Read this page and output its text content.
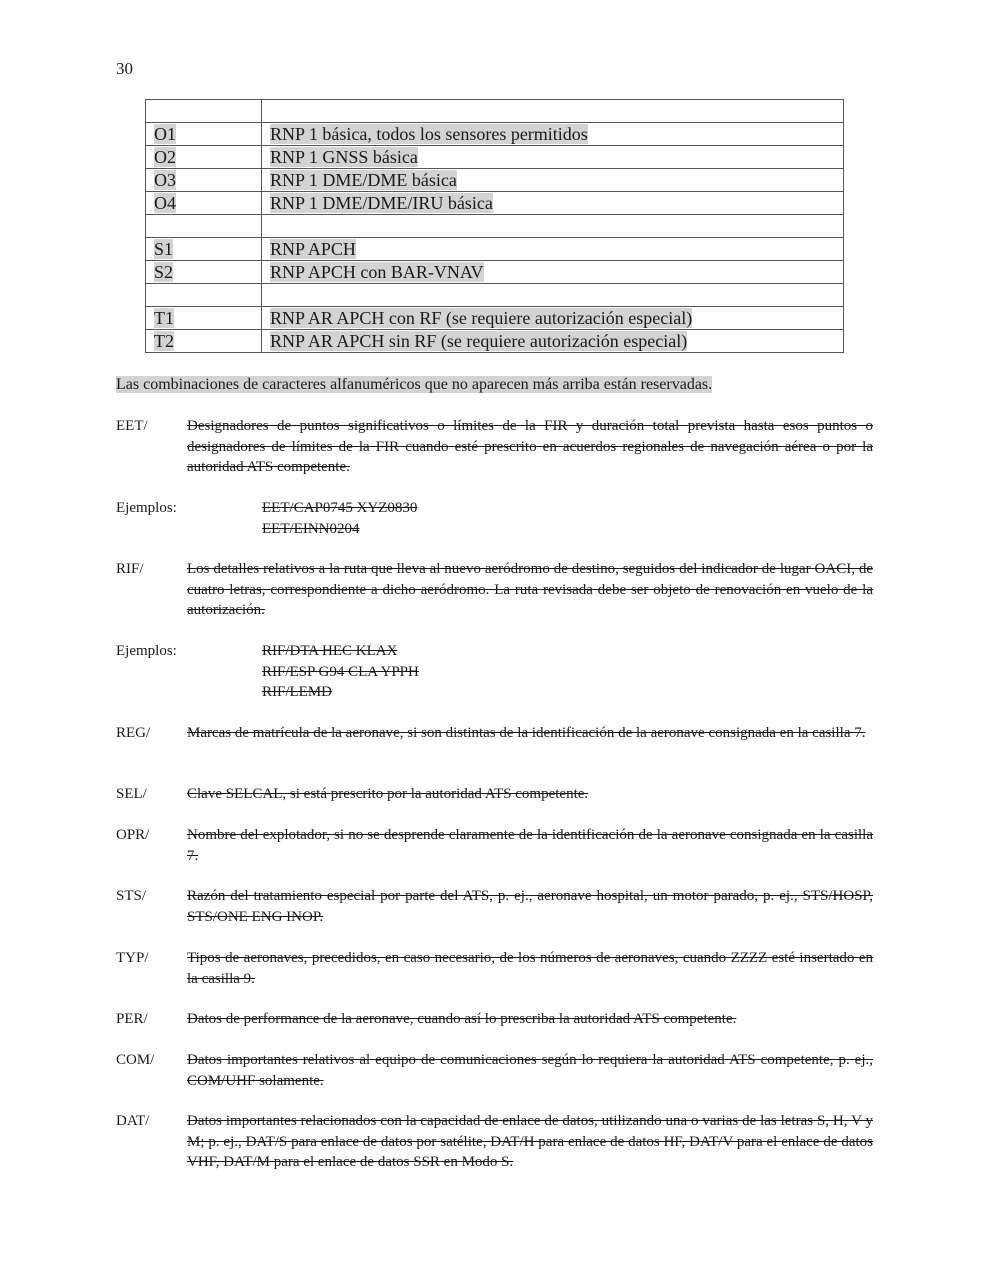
30

O1	RNP 1 básica, todos los sensores permitidos
O2	RNP 1 GNSS básica
O3	RNP 1 DME/DME básica
O4	RNP 1 DME/DME/IRU básica

S1	RNP APCH
S2	RNP APCH con BAR-VNAV

T1	RNP AR APCH con RF (se requiere autorización especial)
T2	RNP AR APCH sin RF (se requiere autorización especial)
Las combinaciones de caracteres alfanuméricos que no aparecen más arriba están reservadas.
EET/	Designadores de puntos significativos o límites de la FIR y duración total prevista hasta esos puntos o designadores de límites de la FIR cuando esté prescrito en acuerdos regionales de navegación aérea o por la autoridad ATS competente.
Ejemplos:	EET/CAP0745 XYZ0830
EET/EINN0204
RIF/	Los detalles relativos a la ruta que lleva al nuevo aeródromo de destino, seguidos del indicador de lugar OACI, de cuatro letras, correspondiente a dicho aeródromo. La ruta revisada debe ser objeto de renovación en vuelo de la autorización.
Ejemplos:	RIF/DTA HEC KLAX
RIF/ESP G94 CLA YPPH
RIF/LEMD
REG/ Marcas de matrícula de la aeronave, si son distintas de la identificación de la aeronave consignada en la casilla 7.
SEL/	Clave SELCAL, si está prescrito por la autoridad ATS competente.
OPR/	Nombre del explotador, si no se desprende claramente de la identificación de la aeronave consignada en la casilla 7.
STS/	Razón del tratamiento especial por parte del ATS, p. ej., aeronave hospital, un motor parado, p. ej., STS/HOSP, STS/ONE ENG INOP.
TYP/	Tipos de aeronaves, precedidos, en caso necesario, de los números de aeronaves, cuando ZZZZ esté insertado en la casilla 9.
PER/	Datos de performance de la aeronave, cuando así lo prescriba la autoridad ATS competente.
COM/ Datos importantes relativos al equipo de comunicaciones según lo requiera la autoridad ATS competente, p. ej., COM/UHF solamente.
DAT/	Datos importantes relacionados con la capacidad de enlace de datos, utilizando una o varias de las letras S, H, V y M; p. ej., DAT/S para enlace de datos por satélite, DAT/H para enlace de datos HF, DAT/V para el enlace de datos VHF, DAT/M para el enlace de datos SSR en Modo S.
